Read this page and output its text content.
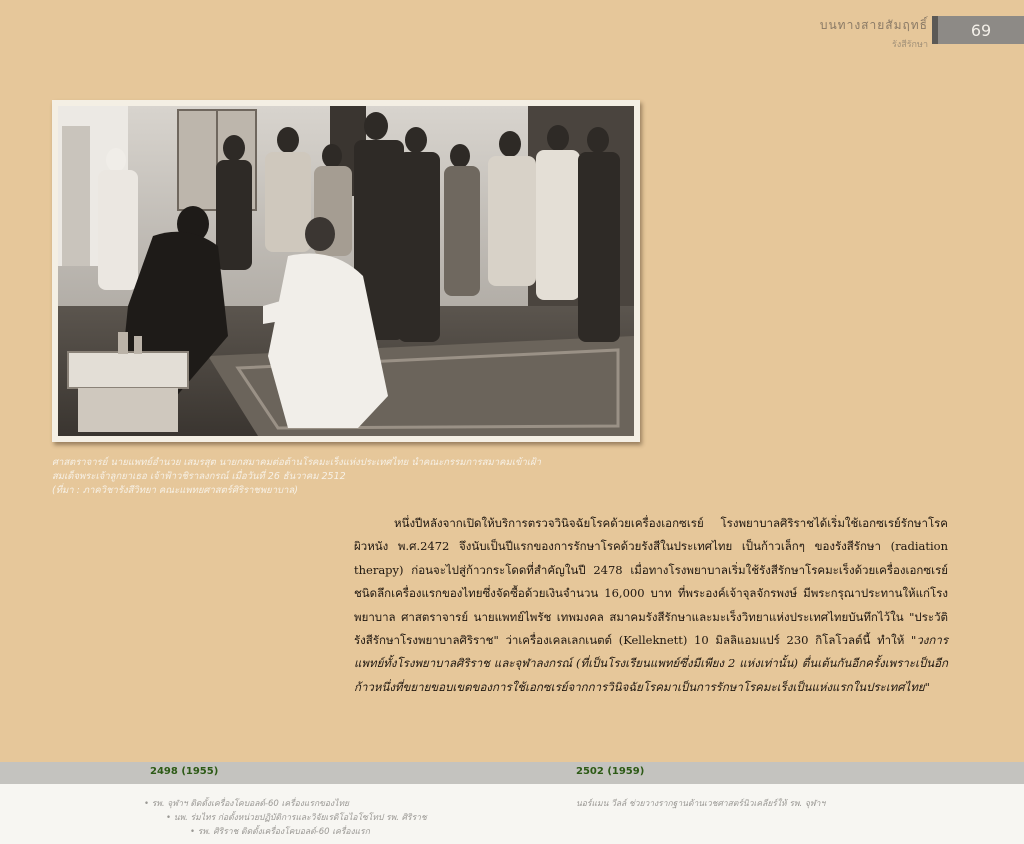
บนทางสายสัมฤทธิ์
รังสีรักษา
69
ศาสตราจารย์ นายแพทย์อำนวย เสมรสุต นายกสมาคมต่อต้านโรคมะเร็งแห่งประเทศไทย นำคณะกรรมการสมาคมเข้าเฝ้า
สมเด็จพระเจ้าลูกยาเธอ เจ้าฟ้าวชิราลงกรณ์ เมื่อวันที่ 26 ธันวาคม 2512
(ที่มา : ภาควิชารังสีวิทยา คณะแพทยศาสตร์ศิริราชพยาบาล)
หนึ่งปีหลังจากเปิดให้บริการตรวจวินิจฉัยโรคด้วยเครื่องเอกซเรย์ โรงพยาบาลศิริราชได้เริ่มใช้เอกซเรย์รักษาโรคผิวหนัง พ.ศ.2472 จึงนับเป็นปีแรกของการรักษาโรคด้วยรังสีในประเทศไทย เป็นก้าวเล็กๆ ของรังสีรักษา (radiation therapy) ก่อนจะไปสู่ก้าวกระโดดที่สำคัญในปี 2478 เมื่อทางโรงพยาบาลเริ่มใช้รังสีรักษาโรคมะเร็งด้วยเครื่องเอกซเรย์ชนิดลึกเครื่องแรกของไทยซึ่งจัดซื้อด้วยเงินจำนวน 16,000 บาท ที่พระองค์เจ้าจุลจักรพงษ์ มีพระกรุณาประทานให้แก่โรงพยาบาล ศาสตราจารย์ นายแพทย์ไพรัช เทพมงคล สมาคมรังสีรักษาและมะเร็งวิทยาแห่งประเทศไทยบันทึกไว้ใน "ประวัติรังสีรักษาโรงพยาบาลศิริราช" ว่าเครื่องเคลเลกเนตต์ (Kelleknett) 10 มิลลิแอมแปร์ 230 กิโลโวลต์นี้ ทำให้ "วงการแพทย์ทั้งโรงพยาบาลศิริราช และจุฬาลงกรณ์ (ที่เป็นโรงเรียนแพทย์ซึ่งมีเพียง 2 แห่งเท่านั้น) ตื่นเต้นกันอีกครั้งเพราะเป็นอีกก้าวหนึ่งที่ขยายขอบเขตของการใช้เอกซเรย์จากการวินิจฉัยโรคมาเป็นการรักษาโรคมะเร็งเป็นแห่งแรกในประเทศไทย"
2498 (1955)	2502 (1959)
• รพ. จุฬาฯ ติดตั้งเครื่องโคบอลต์-60 เครื่องแรกของไทย
• นพ. ร่มไทร ก่อตั้งหน่วยปฏิบัติการและวิจัยเรดิโอไอโซโทป รพ. ศิริราช
• รพ. ศิริราช ติดตั้งเครื่องโคบอลต์-60 เครื่องแรก
นอร์แมน วีลล์ ช่วยวางรากฐานด้านเวชศาสตร์นิวเคลียร์ให้ รพ. จุฬาฯ
